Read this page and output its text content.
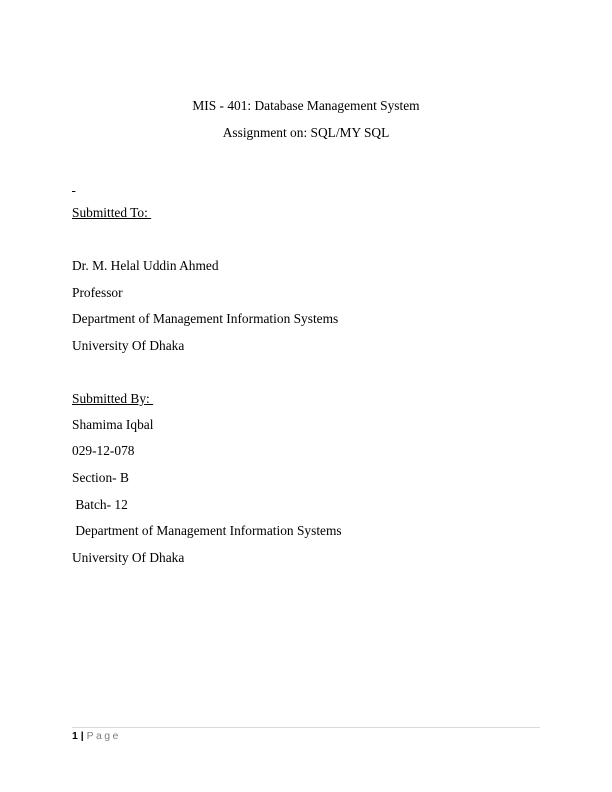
MIS - 401: Database Management System
Assignment on: SQL/MY SQL

Submitted To:
Dr. M. Helal Uddin Ahmed
Professor
Department of Management Information Systems
University Of Dhaka
Submitted By:
Shamima Iqbal
029-12-078
Section- B
Batch- 12
Department of Management Information Systems
University Of Dhaka
1 | Page
